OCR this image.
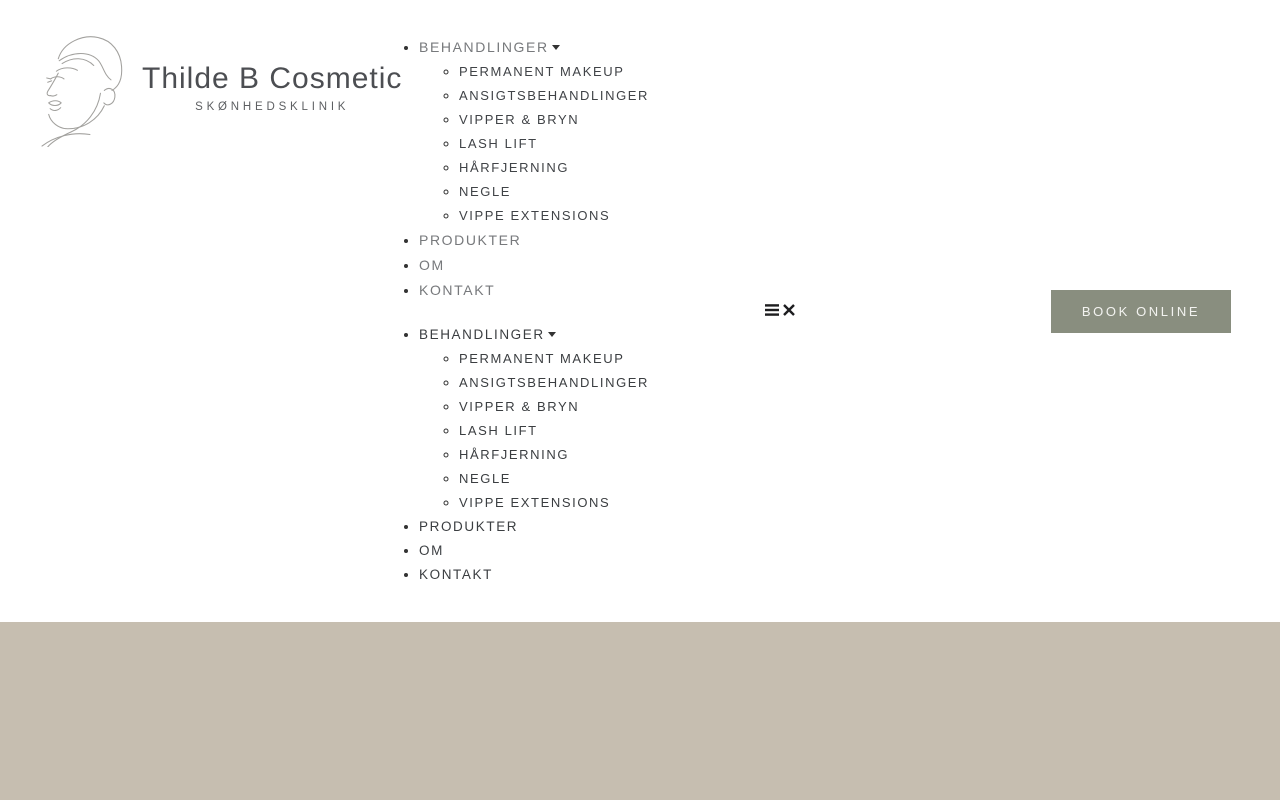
Thilde B Cosmetic
SKØNHEDSKLINIK
• BEHANDLINGER
◦ PERMANENT MAKEUP
◦ ANSIGTSBEHANDLINGER
◦ VIPPER & BRYN
◦ LASH LIFT
◦ HÅRFJERNING
◦ NEGLE
◦ VIPPE EXTENSIONS
• PRODUKTER
• OM
• KONTAKT
• BEHANDLINGER
◦ PERMANENT MAKEUP
◦ ANSIGTSBEHANDLINGER
◦ VIPPER & BRYN
◦ LASH LIFT
◦ HÅRFJERNING
◦ NEGLE
◦ VIPPE EXTENSIONS
• PRODUKTER
• OM
• KONTAKT
BOOK ONLINE
